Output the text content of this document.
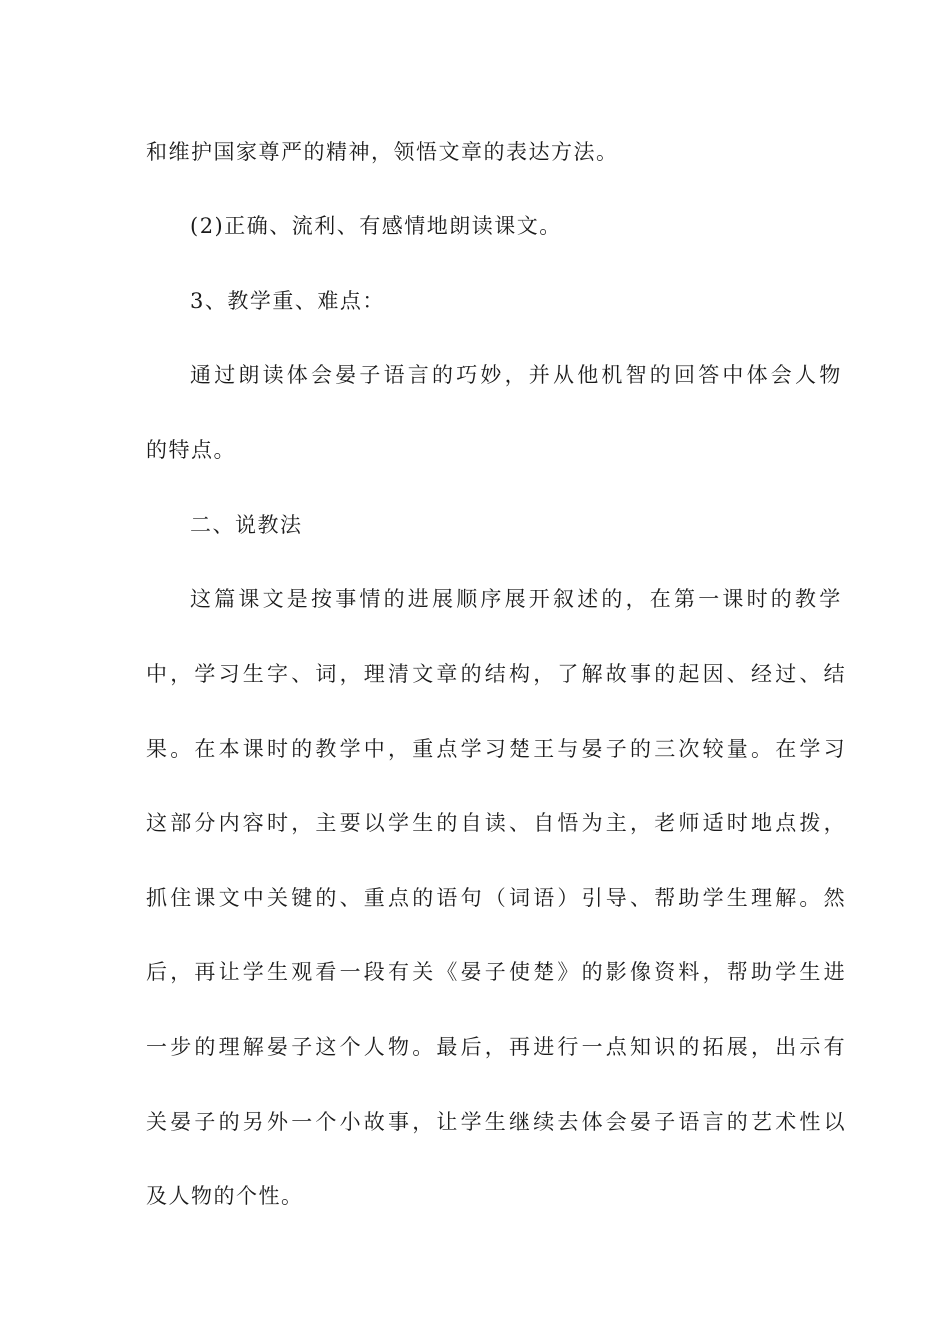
和维护国家尊严的精神，领悟文章的表达方法。
(2)正确、流利、有感情地朗读课文。
3、教学重、难点：
通过朗读体会晏子语言的巧妙，并从他机智的回答中体会人物
的特点。
二、说教法
这篇课文是按事情的进展顺序展开叙述的，在第一课时的教学
中，学习生字、词，理清文章的结构，了解故事的起因、经过、结
果。在本课时的教学中，重点学习楚王与晏子的三次较量。在学习
这部分内容时，主要以学生的自读、自悟为主，老师适时地点拨，
抓住课文中关键的、重点的语句（词语）引导、帮助学生理解。然
后，再让学生观看一段有关《晏子使楚》的影像资料，帮助学生进
一步的理解晏子这个人物。最后，再进行一点知识的拓展，出示有
关晏子的另外一个小故事，让学生继续去体会晏子语言的艺术性以
及人物的个性。
